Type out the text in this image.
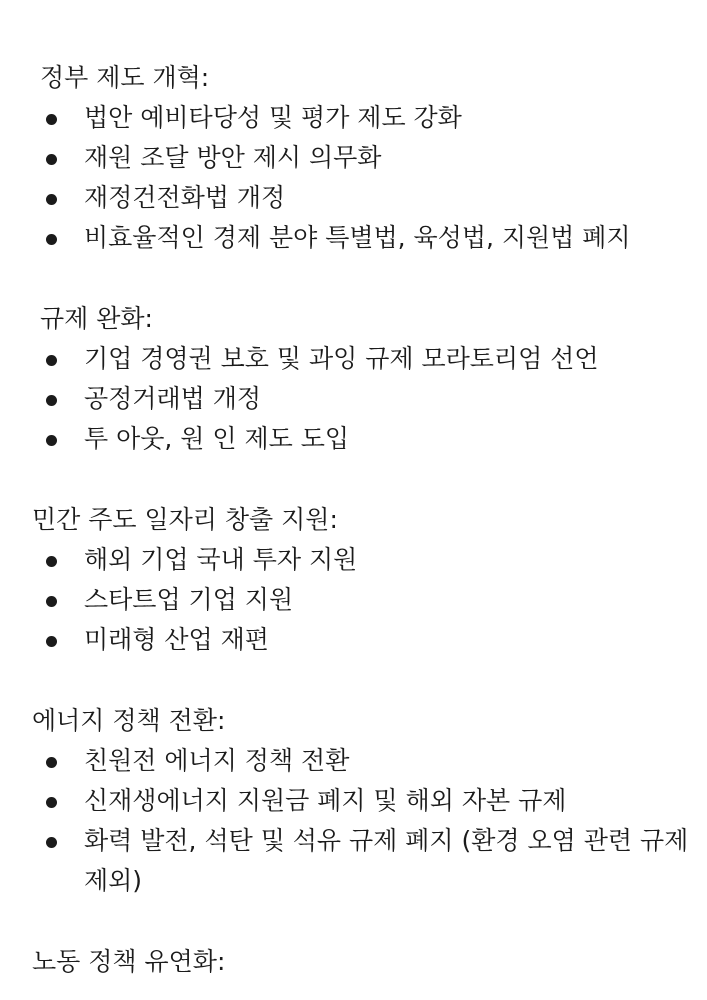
정부 제도 개혁:
법안 예비타당성 및 평가 제도 강화
재원 조달 방안 제시 의무화
재정건전화법 개정
비효율적인 경제 분야 특별법, 육성법, 지원법 폐지
규제 완화:
기업 경영권 보호 및 과잉 규제 모라토리엄 선언
공정거래법 개정
투 아웃, 원 인 제도 도입
민간 주도 일자리 창출 지원:
해외 기업 국내 투자 지원
스타트업 기업 지원
미래형 산업 재편
에너지 정책 전환:
친원전 에너지 정책 전환
신재생에너지 지원금 폐지 및 해외 자본 규제
화력 발전, 석탄 및 석유 규제 폐지 (환경 오염 관련 규제 제외)
노동 정책 유연화:
